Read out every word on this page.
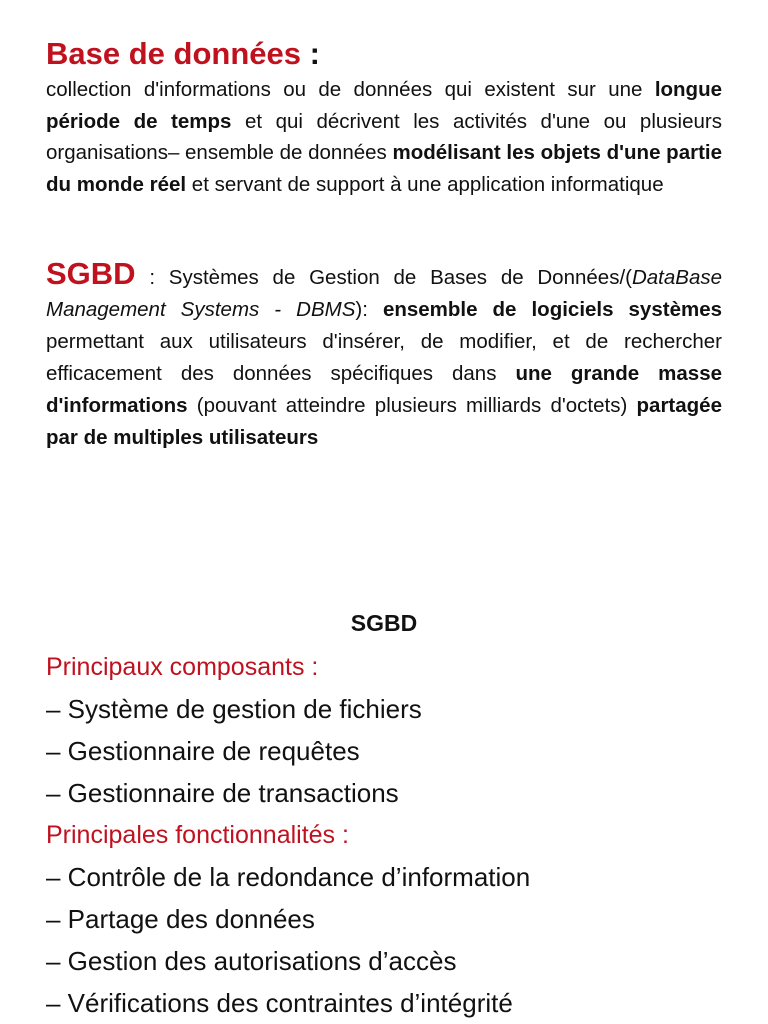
Base de données :

collection d'informations ou de données qui existent sur une longue période de temps et qui décrivent les activités d'une ou plusieurs organisations– ensemble de données modélisant les objets d'une partie du monde réel et servant de support à une application informatique

SGBD : Systèmes de Gestion de Bases de Données/(DataBase Management Systems - DBMS): ensemble de logiciels systèmes permettant aux utilisateurs d'insérer, de modifier, et de rechercher efficacement des données spécifiques dans une grande masse d'informations (pouvant atteindre plusieurs milliards d'octets) partagée par de multiples utilisateurs

SGBD
Principaux composants :
– Système de gestion de fichiers
– Gestionnaire de requêtes
– Gestionnaire de transactions
Principales fonctionnalités :
– Contrôle de la redondance d’information
– Partage des données
– Gestion des autorisations d’accès
– Vérifications des contraintes d’intégrité
